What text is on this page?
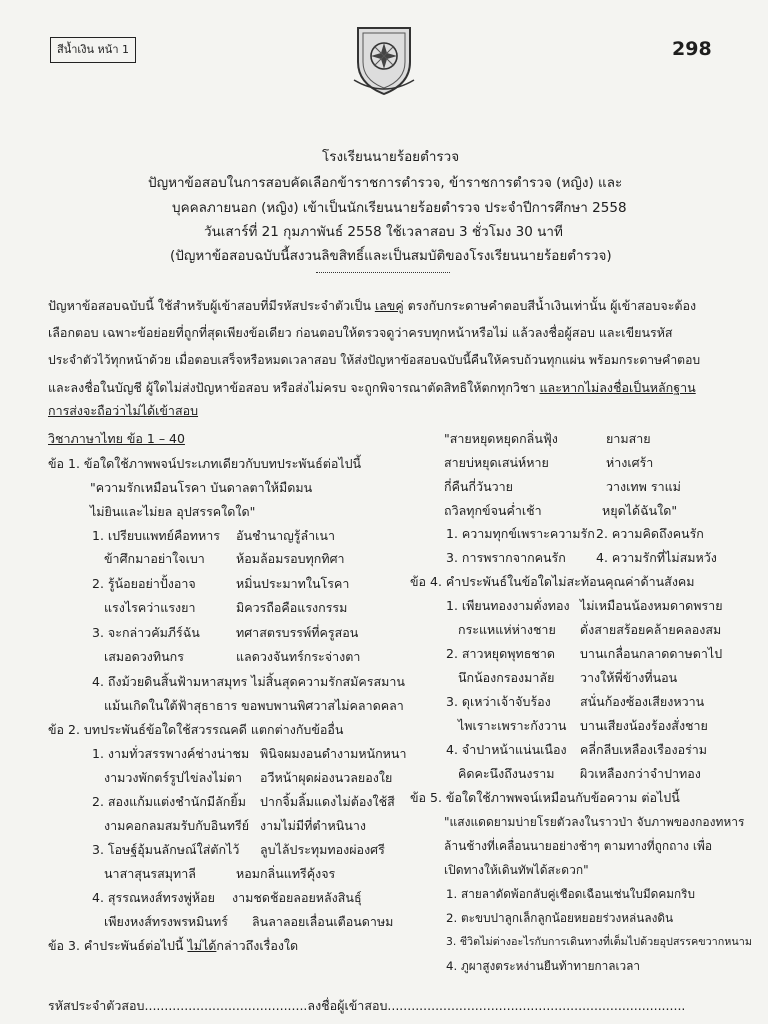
สีน้ำเงิน หน้า 1	298
โรงเรียนนายร้อยตำรวจ
ปัญหาข้อสอบในการสอบคัดเลือกข้าราชการตำรวจ, ข้าราชการตำรวจ (หญิง) และ
บุคคลภายนอก (หญิง) เข้าเป็นนักเรียนนายร้อยตำรวจ ประจำปีการศึกษา 2558
วันเสาร์ที่ 21 กุมภาพันธ์ 2558 ใช้เวลาสอบ 3 ชั่วโมง 30 นาที
(ปัญหาข้อสอบฉบับนี้สงวนลิขสิทธิ์และเป็นสมบัติของโรงเรียนนายร้อยตำรวจ)
ปัญหาข้อสอบฉบับนี้ ใช้สำหรับผู้เข้าสอบที่มีรหัสประจำตัวเป็น เลขคู่ ตรงกับกระดาษคำตอบสีน้ำเงินเท่านั้น ผู้เข้าสอบจะต้อง
เลือกตอบ เฉพาะข้อย่อยที่ถูกที่สุดเพียงข้อเดียว ก่อนตอบให้ตรวจดูว่าครบทุกหน้าหรือไม่ แล้วลงชื่อผู้สอบ และเขียนรหัส
ประจำตัวไว้ทุกหน้าด้วย เมื่อตอบเสร็จหรือหมดเวลาสอบ ให้ส่งปัญหาข้อสอบฉบับนี้คืนให้ครบถ้วนทุกแผ่น พร้อมกระดาษคำตอบ
และลงชื่อในบัญชี ผู้ใดไม่ส่งปัญหาข้อสอบ หรือส่งไม่ครบ จะถูกพิจารณาตัดสิทธิให้ตกทุกวิชา และหากไม่ลงชื่อเป็นหลักฐาน
การส่งจะถือว่าไม่ได้เข้าสอบ
วิชาภาษาไทย ข้อ 1 – 40
ข้อ 1. ข้อใดใช้ภาพพจน์ประเภทเดียวกับบทประพันธ์ต่อไปนี้
"ความรักเหมือนโรคา บันดาลตาให้มืดมน
ไม่ยินและไม่ยล อุปสรรคใดใด"
1. เปรียบแพทย์คือทหาร อันชำนาญรู้ลำเนา
ข้าศึกมาอย่าใจเบา ห้อมล้อมรอบทุกทิศา
2. รู้น้อยอย่าปั้งอาจ	หมิ่นประมาทในโรคา
แรงไรคว่าแรงยา	มิควรถือคือแรงกรรม
3. จะกล่าวคัมภีร์ฉัน	ทศาสตรบรรพ์ที่ครูสอน
เสมอดวงทินกร	แลดวงจันทร์กระจ่างตา
4. ถึงม้วยดินสิ้นฟ้ามหาสมุทร ไม่สิ้นสุดความรักสมัครสมาน
แม้นเกิดในใต้ฟ้าสุธาธาร ขอพบพานพิศวาสไม่คลาดคลา
ข้อ 2. บทประพันธ์ข้อใดใช้สวรรณคดี แตกต่างกับข้ออื่น
1. งามทั่วสรรพางค์ช่างน่าชม พินิจผมงอนดำงามหนักหนา
งามวงพักตร์รูปไข่ลงไม่ตา อวีหน้าผุดผ่องนวลยองใย
2. สองแก้มแต่งชำนักมีลักยิ้ม ปากจิ้มลิ้มแดงไม่ต้องใช้สี
งามคอกลมสมรับกับอินทรีย์ งามไม่มีที่ตำหนินาง
3. โอษฐ์อุ้มนลักษณ์ใส่ตักไว้ ลูบไล้ประทุมทองผ่องศรี
นาสาสุนรสมุทาลี	หอมกลิ่นแทรีคุ้งจร
4. สุรรณหงส์ทรงพู่ห้อย งามชดช้อยลอยหลังสินธุ์
เพียงหงส์ทรงพรหมินทร์ ลินลาลอยเลื่อนเตือนดาษม
ข้อ 3. คำประพันธ์ต่อไปนี้ ไม่ได้กล่าวถึงเรื่องใด
"สายหยุดหยุดกลิ่นฟุ้ง	ยามสาย
สายบ่หยุดเสน่ห์หาย	ห่างเศร้า
กี่คืนกี่วันวาย	วางเทพ ราแม่
ถวิลทุกข์จนค่ำเช้า	หยุดได้ฉันใด"
1. ความทุกข์เพราะความรัก 2. ความคิดถึงคนรัก
3. การพรากจากคนรัก 4. ความรักที่ไม่สมหวัง
ข้อ 4. คำประพันธ์ในข้อใดไม่สะท้อนคุณค่าด้านสังคม
1. เพียนทองงามดั่งทอง ไม่เหมือนน้องหมดาดพราย
กระแหแห่ห่างชาย ดั่งสายสร้อยคล้ายคลองสม
2. สาวหยุดพุทธชาด บานเกลื่อนกลาดดาษดาไป
นึกน้องกรองมาลัย วางให้พี่ข้างที่นอน
3. ดุเหว่าเจ้าจับร้อง สนั่นก้องซ้องเสียงหวาน
ไพเราะเพราะกังวาน บานเสียงน้องร้องสั่งชาย
4. จำปาหน้าแน่นเนือง คลี่กลีบเหลืองเรืองอร่าม
คิดคะนึงถึงนงราม ผิวเหลืองกว่าจำปาทอง
ข้อ 5. ข้อใดใช้ภาพพจน์เหมือนกับข้อความ ต่อไปนี้
"แสงแดดยามบ่ายโรยตัวลงในราวป่า จับภาพของกองทหาร
ล้านช้างที่เคลื่อนนายอย่างช้าๆ ตามทางที่ถูกถาง เพื่อ
เปิดทางให้เดินทัพได้สะดวก"
1. สายลาดัดพ้อกลับคู่เชือดเฉือนเช่นใบมีดคมกริบ
2. ตะขบปาลูกเล็กลูกน้อยหยอยร่วงหล่นลงดิน
3. ชีวิตไม่ต่างอะไรกับการเดินทางที่เต็มไปด้วยอุปสรรคขวากหนาม
4. ภูผาสูงตระหง่านยืนท้าทายกาลเวลา
รหัสประจำตัวสอบ.........................................ลงชื่อผู้เข้าสอบ...........................................................................
